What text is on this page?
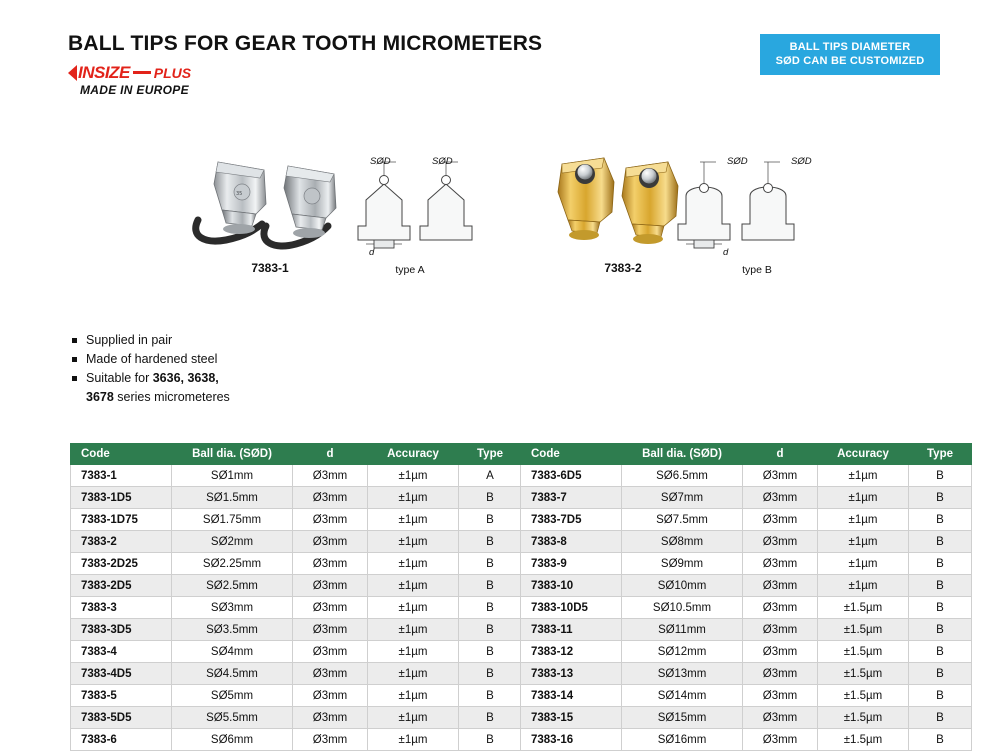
BALL TIPS FOR GEAR TOOTH MICROMETERS
INSIZE PLUS
MADE IN EUROPE
BALL TIPS DIAMETER
SØD CAN BE CUSTOMIZED
35
SØD	SØD	SØD	SØD
d	d
7383-1	type A	7383-2	type B
Supplied in pair
Made of hardened steel
Suitable for 3636, 3638,
3678 series micrometeres
Code	Ball dia. (SØD)	d	Accuracy	Type
7383-1	SØ1mm	Ø3mm	±1µm	A
7383-1D5	SØ1.5mm	Ø3mm	±1µm	B
7383-1D75	SØ1.75mm	Ø3mm	±1µm	B
7383-2	SØ2mm	Ø3mm	±1µm	B
7383-2D25	SØ2.25mm	Ø3mm	±1µm	B
7383-2D5	SØ2.5mm	Ø3mm	±1µm	B
7383-3	SØ3mm	Ø3mm	±1µm	B
7383-3D5	SØ3.5mm	Ø3mm	±1µm	B
7383-4	SØ4mm	Ø3mm	±1µm	B
7383-4D5	SØ4.5mm	Ø3mm	±1µm	B
7383-5	SØ5mm	Ø3mm	±1µm	B
7383-5D5	SØ5.5mm	Ø3mm	±1µm	B
7383-6	SØ6mm	Ø3mm	±1µm	B
Code	Ball dia. (SØD)	d	Accuracy	Type
7383-6D5	SØ6.5mm	Ø3mm	±1µm	B
7383-7	SØ7mm	Ø3mm	±1µm	B
7383-7D5	SØ7.5mm	Ø3mm	±1µm	B
7383-8	SØ8mm	Ø3mm	±1µm	B
7383-9	SØ9mm	Ø3mm	±1µm	B
7383-10	SØ10mm	Ø3mm	±1µm	B
7383-10D5	SØ10.5mm	Ø3mm	±1.5µm	B
7383-11	SØ11mm	Ø3mm	±1.5µm	B
7383-12	SØ12mm	Ø3mm	±1.5µm	B
7383-13	SØ13mm	Ø3mm	±1.5µm	B
7383-14	SØ14mm	Ø3mm	±1.5µm	B
7383-15	SØ15mm	Ø3mm	±1.5µm	B
7383-16	SØ16mm	Ø3mm	±1.5µm	B
